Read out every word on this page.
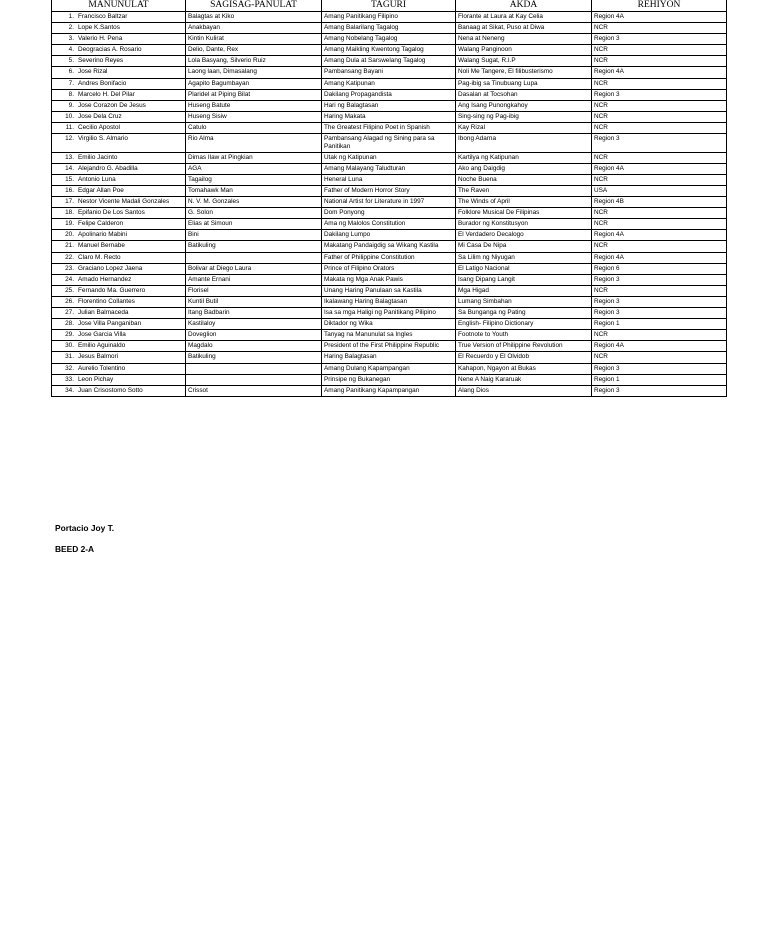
MANUNULAT	SAGISAG-PANULAT	TAGURI	AKDA	REHIYON
1. Francisco Baltzar	Balagtas at Kiko	Amang Panitikang Filipino	Florante at Laura at Kay Celia	Region 4A
2. Lope K.Santos	Anakbayan	Amang Balarilang Tagalog	Banaag at Sikat, Puso at Diwa	NCR
3. Valerio H. Pena	Kintin Kulirat	Amang Nobelang Tagalog	Nena at Neneng	Region 3
4. Deogracias A. Rosario	Delio, Dante, Rex	Amang Maikling Kwentong Tagalog	Walang Panginoon	NCR
5. Severino Reyes	Lola Basyang, Silverio Ruiz	Amang Dula at Sarswelang Tagalog	Walang Sugat, R.I.P	NCR
6. Jose Rizal	Laong laan, Dimasalang	Pambansang Bayani	Noli Me Tangere, El filibusterismo	Region 4A
7. Andres Bonifacio	Agapito Bagumbayan	Amang Katipunan	Pag-ibig sa Tinubuang Lupa	NCR
8. Marcelo H. Del Pilar	Plaridel at Piping Bilat	Dakilang Propagandista	Dasalan at Tocsohan	Region 3
9. Jose Corazon De Jesus	Huseng Batute	Hari ng Balagtasan	Ang Isang Punongkahoy	NCR
10. Jose Dela Cruz	Huseng Sisiw	Haring Makata	Sing-sing ng Pag-ibig	NCR
11. Cecilio Apostol	Catulo	The Greatest Filipino Poet in Spanish	Kay Rizal	NCR
12. Virgilio S. Almario	Rio Alma	Pambansang Alagad ng Sining para sa Panitikan	Ibong Adarna	Region 3
13. Emilio Jacinto	Dimas Ilaw at Pingkian	Utak ng Katipunan	Kartilya ng Katipunan	NCR
14. Alejandro G. Abadilla	AGA	Amang Malayang Taludturan	Ako ang Daigdig	Region 4A
15. Antonio Luna	Tagailog	Heneral Luna	Noche Buena	NCR
16. Edgar Allan Poe	Tomahawk Man	Father of Modern Horror Story	The Raven	USA
17. Nestor Vicente Madali Gonzales	N. V. M. Gonzales	National Artist for Literature in 1997	The Winds of April	Region 4B
18. Epifanio De Los Santos	G. Solon	Dom Ponyong	Folklore Musical De Filipinas	NCR
19. Felipe Calderon	Elias at Simoun	Ama ng Malolos Constitution	Burador ng Konstitusyon	NCR
20. Apolinario Mabini	Bini	Dakilang Lumpo	El Verdadero Decalogo	Region 4A
21. Manuel Bernabe	Batikuling	Makatang Pandaigdig sa Wikang Kastila	Mi Casa De Nipa	NCR
22. Claro M. Recto		Father of Philippine Constitution	Sa Lilim ng Niyugan	Region 4A
23. Graciano Lopez Jaena	Bolivar at Diego Laura	Prince of Filipino Orators	El Latigo Nacional	Region 6
24. Amado Hernandez	Amante Ernani	Makata ng Mga Anak Pawis	Isang Dipang Langit	Region 3
25. Fernando Ma. Guerrero	Florisel	Unang Haring Panulaan sa Kastila	Mga Higad	NCR
26. Florentino Collantes	Kuntil Butil	Ikalawang Haring Balagtasan	Lumang Simbahan	Region 3
27. Julian Balmaceda	Itang Badbarin	Isa sa mga Haligi ng Panitikang Pilipino	Sa Bunganga ng Pating	Region 3
28. Jose Villa Panganiban	Kastilaloy	Diktador ng Wika	English- Filipino Dictionary	Region 1
29. Jose Garcia Villa	Doveglion	Tanyag na Manunulat sa Ingles	Footnote to Youth	NCR
30. Emilio Aguinaldo	Magdalo	President of the First Philippine Republic	True Version of Philippine Revolution	Region 4A
31. Jesus Balmori	Batikuling	Haring Balagtasan	El Recuerdo y El Olvidob	NCR
32. Aurelio Tolentino		Amang Dulang Kapampangan	Kahapon, Ngayon at Bukas	Region 3
33. Leon Pichay		Prinsipe ng Bukanegan	Nene A Naig Kararuak	Region 1
34. Juan Crisostomo Sotto	Crissot	Amang Panitikang Kapampangan	Alang Dios	Region 3
Portacio Joy T.
BEED 2-A
